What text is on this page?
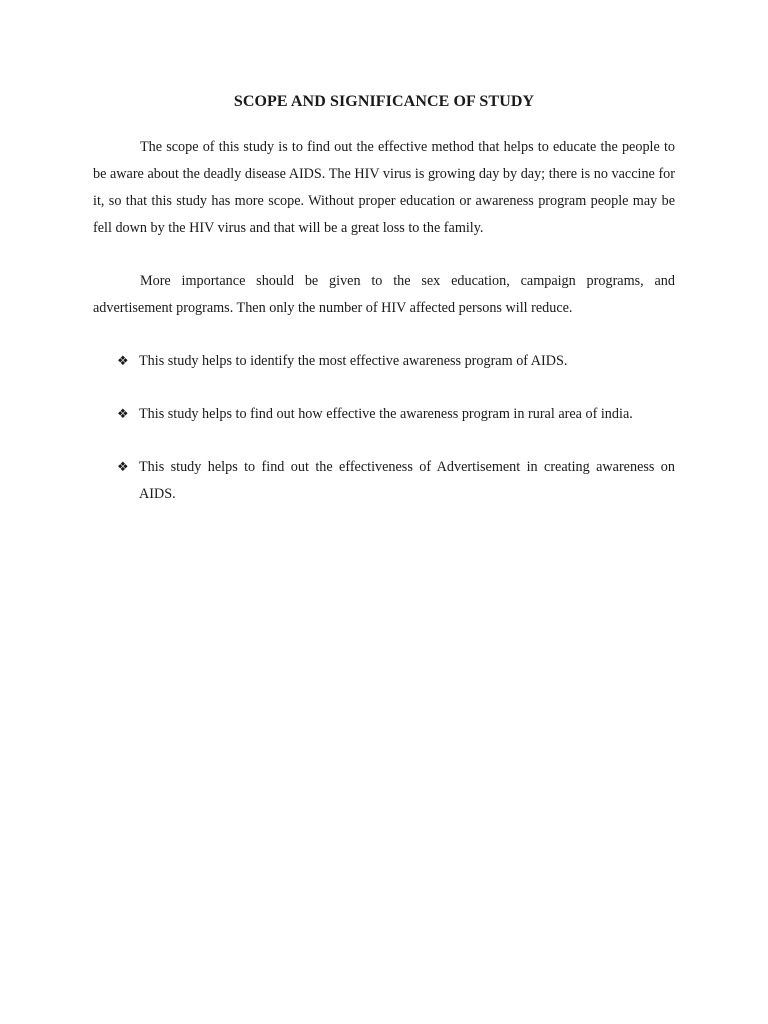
SCOPE AND SIGNIFICANCE OF STUDY

The scope of this study is to find out the effective method that helps to educate the people to be aware about the deadly disease AIDS. The HIV virus is growing day by day; there is no vaccine for it, so that this study has more scope. Without proper education or awareness program people may be fell down by the HIV virus and that will be a great loss to the family.

More importance should be given to the sex education, campaign programs, and advertisement programs. Then only the number of HIV affected persons will reduce.

❖ This study helps to identify the most effective awareness program of AIDS.
❖ This study helps to find out how effective the awareness program in rural area of india.
❖ This study helps to find out the effectiveness of Advertisement in creating awareness on AIDS.
